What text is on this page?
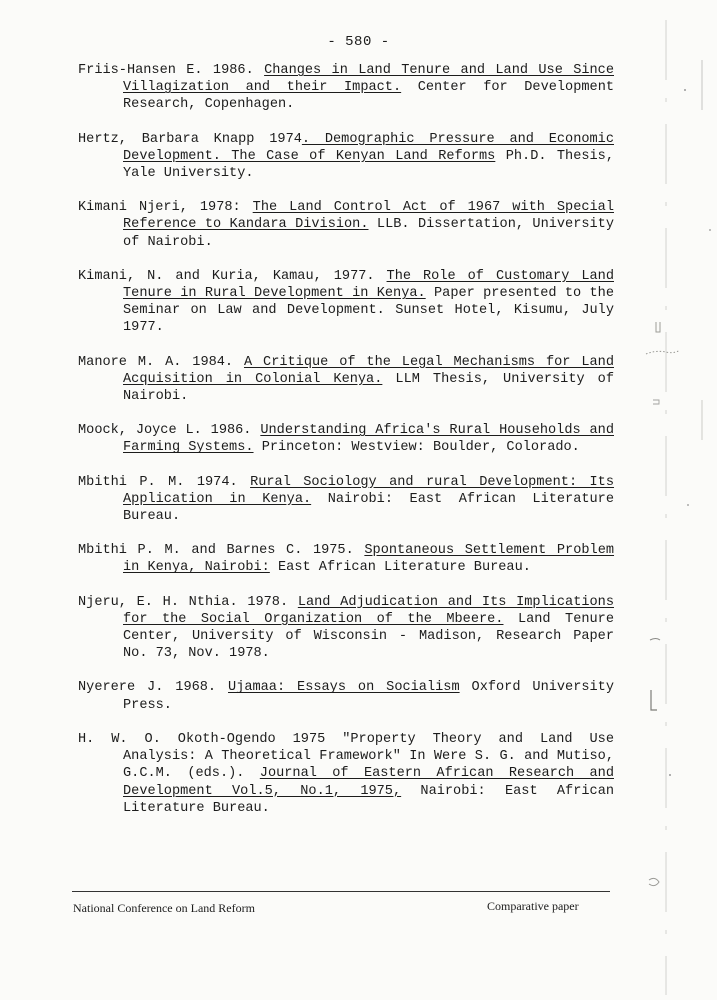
- 580 -
Friis-Hansen E. 1986. Changes in Land Tenure and Land Use Since Villagization and their Impact. Center for Development Research, Copenhagen.
Hertz, Barbara Knapp 1974. Demographic Pressure and Economic Development. The Case of Kenyan Land Reforms Ph.D. Thesis, Yale University.
Kimani Njeri, 1978: The Land Control Act of 1967 with Special Reference to Kandara Division. LLB. Dissertation, University of Nairobi.
Kimani, N. and Kuria, Kamau, 1977. The Role of Customary Land Tenure in Rural Development in Kenya. Paper presented to the Seminar on Law and Development. Sunset Hotel, Kisumu, July 1977.
Manore M. A. 1984. A Critique of the Legal Mechanisms for Land Acquisition in Colonial Kenya. LLM Thesis, University of Nairobi.
Moock, Joyce L. 1986. Understanding Africa's Rural Households and Farming Systems. Princeton: Westview: Boulder, Colorado.
Mbithi P. M. 1974. Rural Sociology and rural Development: Its Application in Kenya. Nairobi: East African Literature Bureau.
Mbithi P. M. and Barnes C. 1975. Spontaneous Settlement Problem in Kenya, Nairobi: East African Literature Bureau.
Njeru, E. H. Nthia. 1978. Land Adjudication and Its Implications for the Social Organization of the Mbeere. Land Tenure Center, University of Wisconsin - Madison, Research Paper No. 73, Nov. 1978.
Nyerere J. 1968. Ujamaa: Essays on Socialism Oxford University Press.
H. W. O. Okoth-Ogendo 1975 "Property Theory and Land Use Analysis: A Theoretical Framework" In Were S. G. and Mutiso, G.C.M. (eds.). Journal of Eastern African Research and Development Vol.5, No.1, 1975, Nairobi: East African Literature Bureau.
National Conference on Land Reform	Comparative paper
